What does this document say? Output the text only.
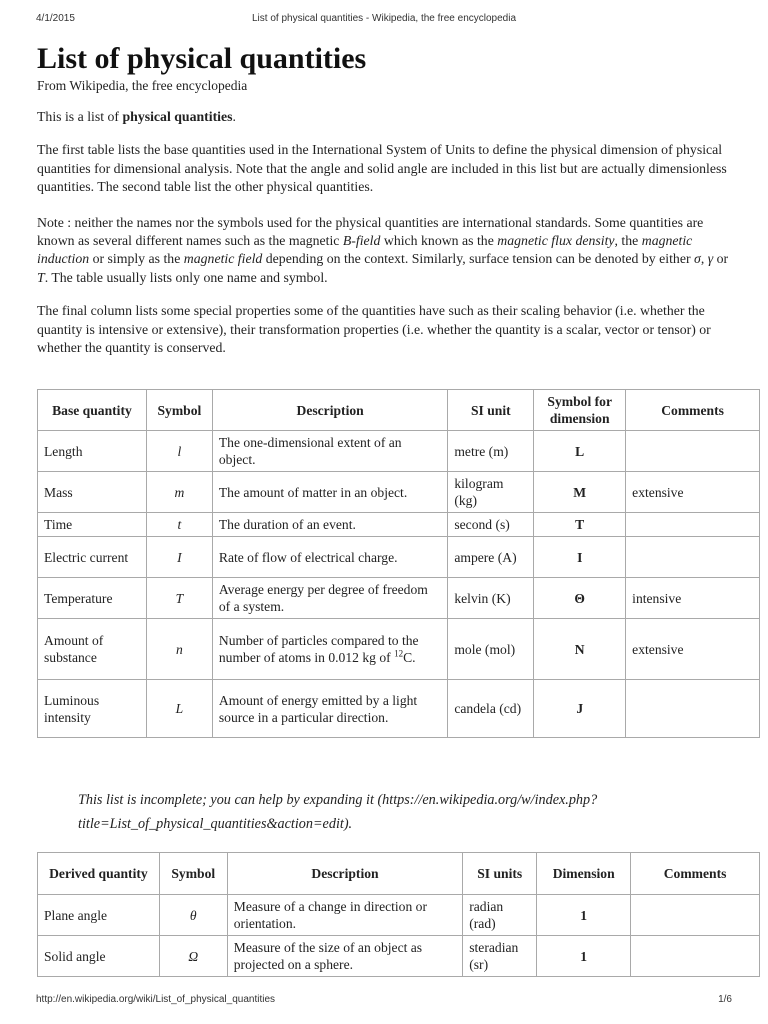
4/1/2015	List of physical quantities - Wikipedia, the free encyclopedia
List of physical quantities
From Wikipedia, the free encyclopedia

This is a list of physical quantities.

The first table lists the base quantities used in the International System of Units to define the physical dimension of physical quantities for dimensional analysis. Note that the angle and solid angle are included in this list but are actually dimensionless quantities. The second table list the other physical quantities.

Note : neither the names nor the symbols used for the physical quantities are international standards. Some quantities are known as several different names such as the magnetic B-field which known as the magnetic flux density, the magnetic induction or simply as the magnetic field depending on the context. Similarly, surface tension can be denoted by either σ, γ or T. The table usually lists only one name and symbol.

The final column lists some special properties some of the quantities have such as their scaling behavior (i.e. whether the quantity is intensive or extensive), their transformation properties (i.e. whether the quantity is a scalar, vector or tensor) or whether the quantity is conserved.

Base quantity	Symbol	Description	SI unit	Symbol for dimension	Comments
Length	l	The one-dimensional extent of an object.	metre (m)	L	
Mass	m	The amount of matter in an object.	kilogram (kg)	M	extensive
Time	t	The duration of an event.	second (s)	T	
Electric current	I	Rate of flow of electrical charge.	ampere (A)	I	
Temperature	T	Average energy per degree of freedom of a system.	kelvin (K)	Θ	intensive
Amount of substance	n	Number of particles compared to the number of atoms in 0.012 kg of $^{12}$C.	mole (mol)	N	extensive
Luminous intensity	L	Amount of energy emitted by a light source in a particular direction.	candela (cd)	J	
This list is incomplete; you can help by expanding it (https://en.wikipedia.org/w/index.php?title=List_of_physical_quantities&action=edit).
Derived quantity	Symbol	Description	SI units	Dimension	Comments
Plane angle	θ	Measure of a change in direction or orientation.	radian (rad)	1	
Solid angle	Ω	Measure of the size of an object as projected on a sphere.	steradian (sr)	1	
http://en.wikipedia.org/wiki/List_of_physical_quantities	1/6
